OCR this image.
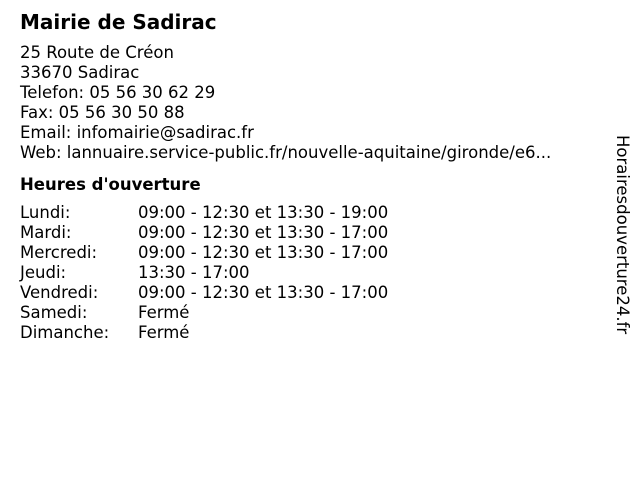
Mairie de Sadirac
25 Route de Créon
33670 Sadirac
Telefon: 05 56 30 62 29
Fax: 05 56 30 50 88
Email: infomairie@sadirac.fr
Web: lannuaire.service-public.fr/nouvelle-aquitaine/gironde/e6...
Heures d'ouverture
Lundi:	09:00 - 12:30 et 13:30 - 19:00
Mardi:	09:00 - 12:30 et 13:30 - 17:00
Mercredi:	09:00 - 12:30 et 13:30 - 17:00
Jeudi:	13:30 - 17:00
Vendredi:	09:00 - 12:30 et 13:30 - 17:00
Samedi:	Fermé
Dimanche:	Fermé	Horairesdouverture24.fr
